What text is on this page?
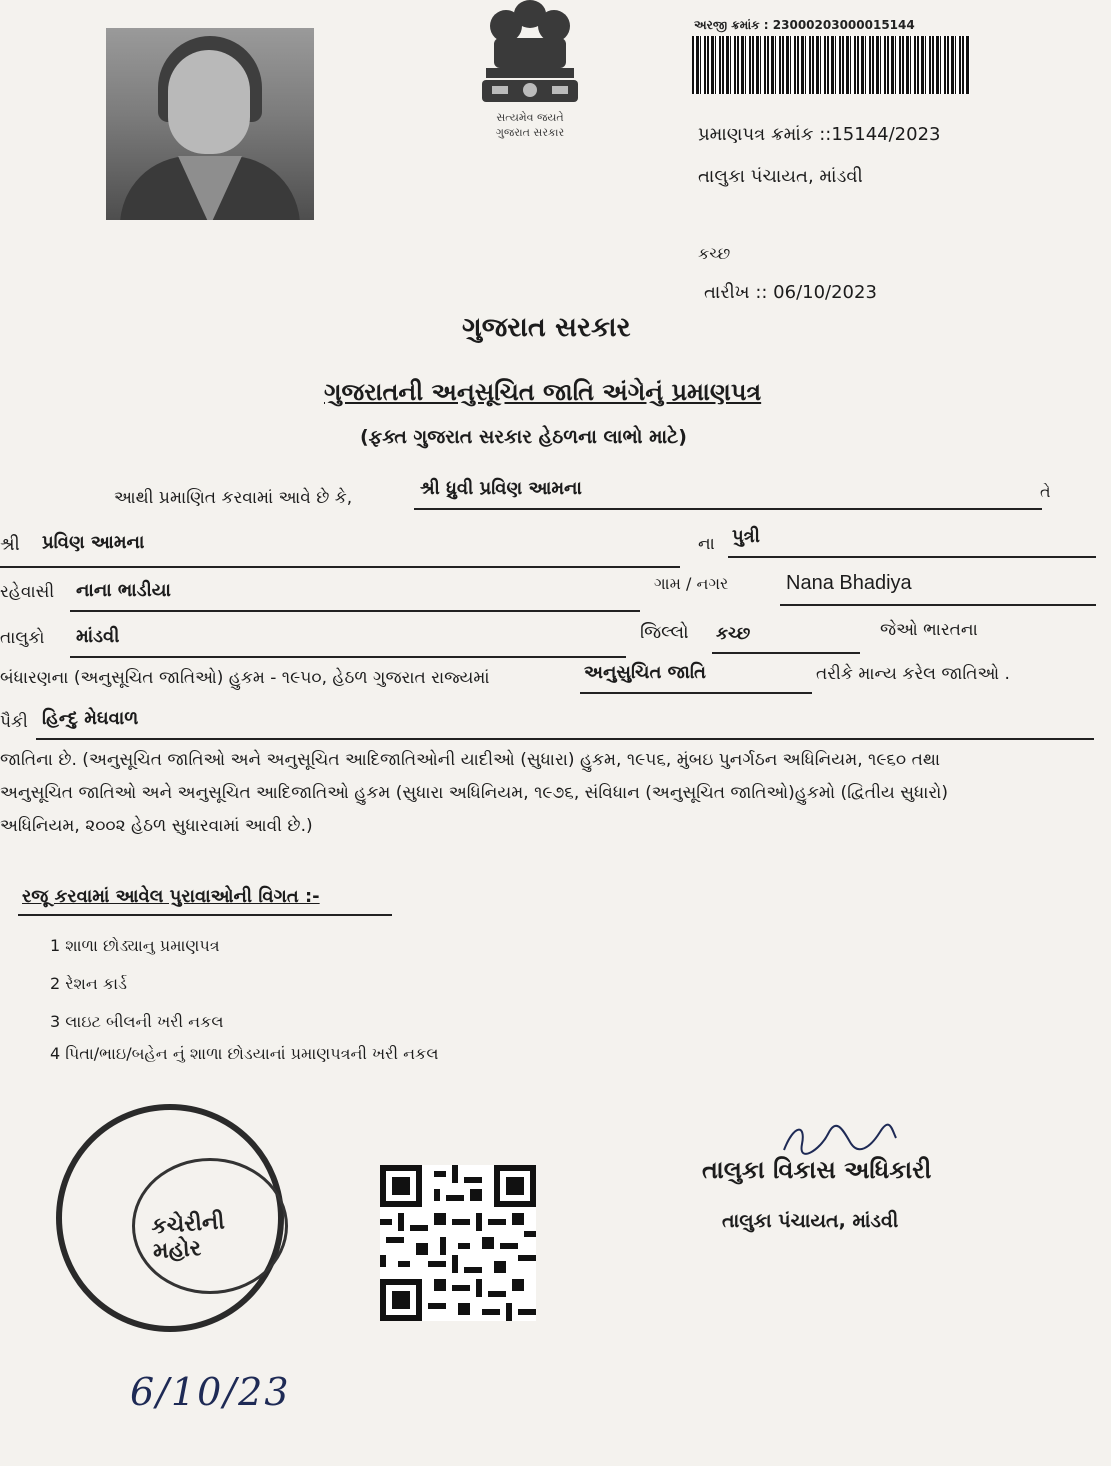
સત્યમેવ જયતે
ગુજરાત સરકાર
અરજી ક્રમાંક : 23000203000015144
પ્રમાણપત્ર ક્રમાંક ::15144/2023
તાલુકા પંચાયત, માંડવી
કચ્છ
તારીખ :: 06/10/2023
ગુજરાત સરકાર
ગુજરાતની અનુસૂચિત જાતિ અંગેનું પ્રમાણપત્ર
(ફક્ત ગુજરાત સરકાર હેઠળના લાભો માટે)
આથી પ્રમાણિત કરવામાં આવે છે કે,	શ્રી ધ્રુવી પ્રવિણ આમના	તે
શ્રી પ્રવિણ આમના	ના પુત્રી
રહેવાસી નાના ભાડીયા	ગામ / નગર	Nana Bhadiya
તાલુકો માંડવી	જિલ્લો કચ્છ	જેઓ ભારતના
બંધારણના (અનુસૂચિત જાતિઓ) હુકમ - ૧૯૫૦, હેઠળ ગુજરાત રાજ્યમાં	અનુસુચિત જાતિ	તરીકે માન્ય કરેલ જાતિઓ .
પૈકી હિન્દુ મેઘવાળ
જાતિના છે. (અનુસૂચિત જાતિઓ અને અનુસૂચિત આદિજાતિઓની યાદીઓ (સુધારા) હુકમ, ૧૯૫૬, મુંબઇ પુનર્ગઠન અધિનિયમ, ૧૯૬૦ તથા
અનુસૂચિત જાતિઓ અને અનુસૂચિત આદિજાતિઓ હુકમ (સુધારા અધિનિયમ, ૧૯૭૬, સંવિધાન (અનુસૂચિત જાતિઓ)હુકમો (દ્વિતીય સુધારો)
અધિનિયમ, ૨૦૦૨ હેઠળ સુધારવામાં આવી છે.)
રજૂ કરવામાં આવેલ પુરાવાઓની વિગત :-
1 શાળા છોડ્યાનુ પ્રમાણપત્ર
2 રેશન કાર્ડ
3 લાઇટ બીલની ખરી નકલ
4 પિતા/ભાઇ/બહેન નું શાળા છોડયાનાં પ્રમાણપત્રની ખરી નકલ
કચેરીની મહોર
6/10/23
તાલુકા વિકાસ અધિકારી
તાલુકા પંચાયત, માંડવી
